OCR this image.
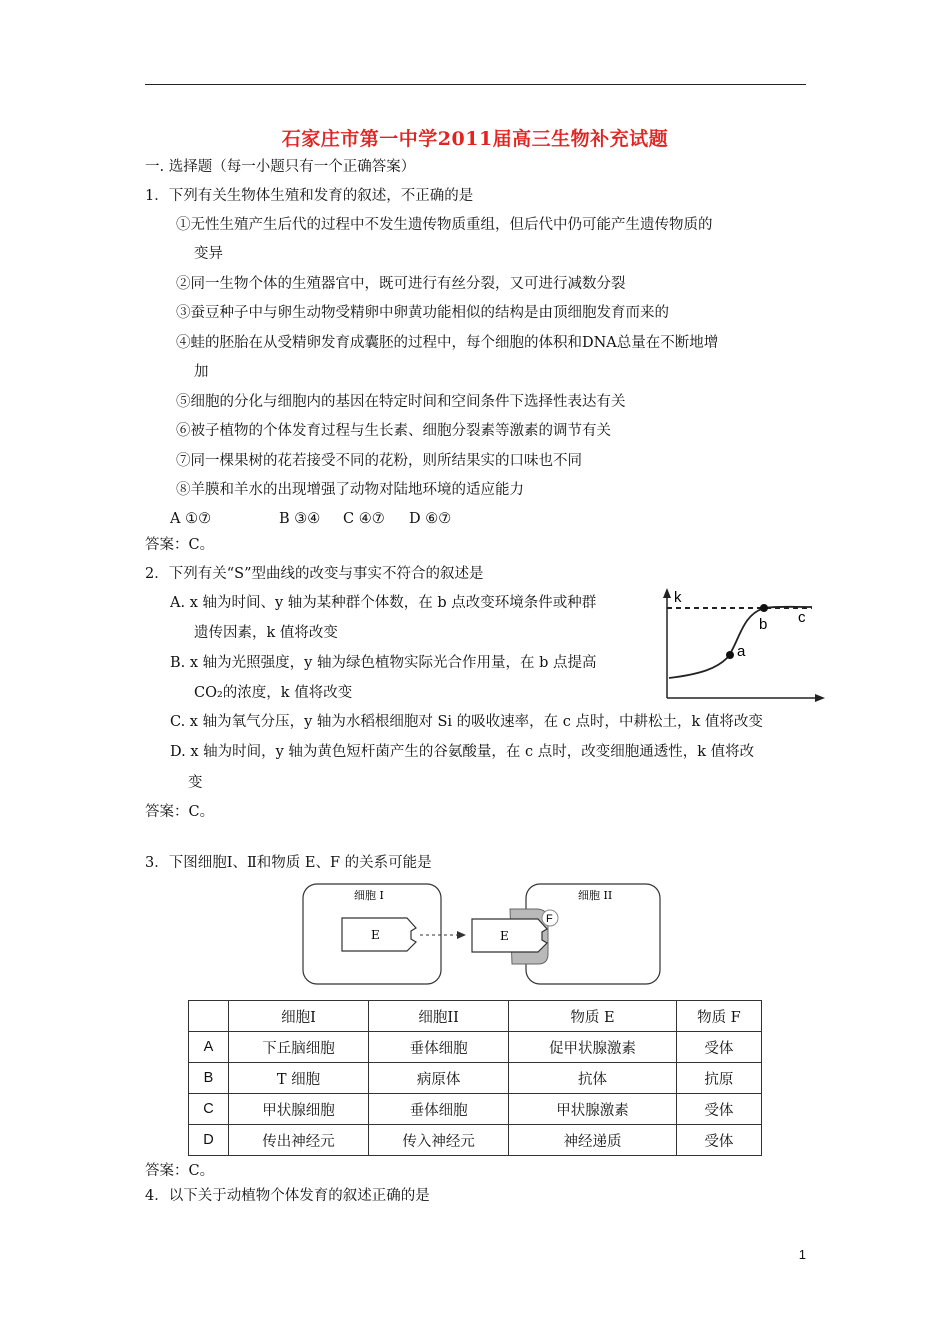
石家庄市第一中学2011届高三生物补充试题
一. 选择题（每一小题只有一个正确答案）
1．下列有关生物体生殖和发育的叙述，不正确的是
①无性生殖产生后代的过程中不发生遗传物质重组，但后代中仍可能产生遗传物质的
变异
②同一生物个体的生殖器官中，既可进行有丝分裂，又可进行减数分裂
③蚕豆种子中与卵生动物受精卵中卵黄功能相似的结构是由顶细胞发育而来的
④蛙的胚胎在从受精卵发育成囊胚的过程中，每个细胞的体积和DNA总量在不断地增
加
⑤细胞的分化与细胞内的基因在特定时间和空间条件下选择性表达有关
⑥被子植物的个体发育过程与生长素、细胞分裂素等激素的调节有关
⑦同一棵果树的花若接受不同的花粉，则所结果实的口味也不同
⑧羊膜和羊水的出现增强了动物对陆地环境的适应能力
A ①⑦	B ③④ C ④⑦ D ⑥⑦
答案：C。
2．下列有关“S”型曲线的改变与事实不符合的叙述是
A. x 轴为时间、y 轴为某种群个体数，在 b 点改变环境条件或种群
遗传因素，k 值将改变
B. x 轴为光照强度，y 轴为绿色植物实际光合作用量，在 b 点提高
CO₂的浓度，k 值将改变
C. x 轴为氧气分压，y 轴为水稻根细胞对 Si 的吸收速率，在 c 点时，中耕松土，k 值将改变
D. x 轴为时间，y 轴为黄色短杆菌产生的谷氨酸量，在 c 点时，改变细胞通透性，k 值将改
变
答案：C。
k
a
b c
3．下图细胞Ⅰ、Ⅱ和物质 E、F 的关系可能是
F
细胞 I	细胞 II
E	E
	细胞I	细胞II	物质 E	物质 F
A	下丘脑细胞	垂体细胞	促甲状腺激素	受体
B	T 细胞	病原体	抗体	抗原
C	甲状腺细胞	垂体细胞	甲状腺激素	受体
D	传出神经元	传入神经元	神经递质	受体
答案：C。
4．以下关于动植物个体发育的叙述正确的是
1
